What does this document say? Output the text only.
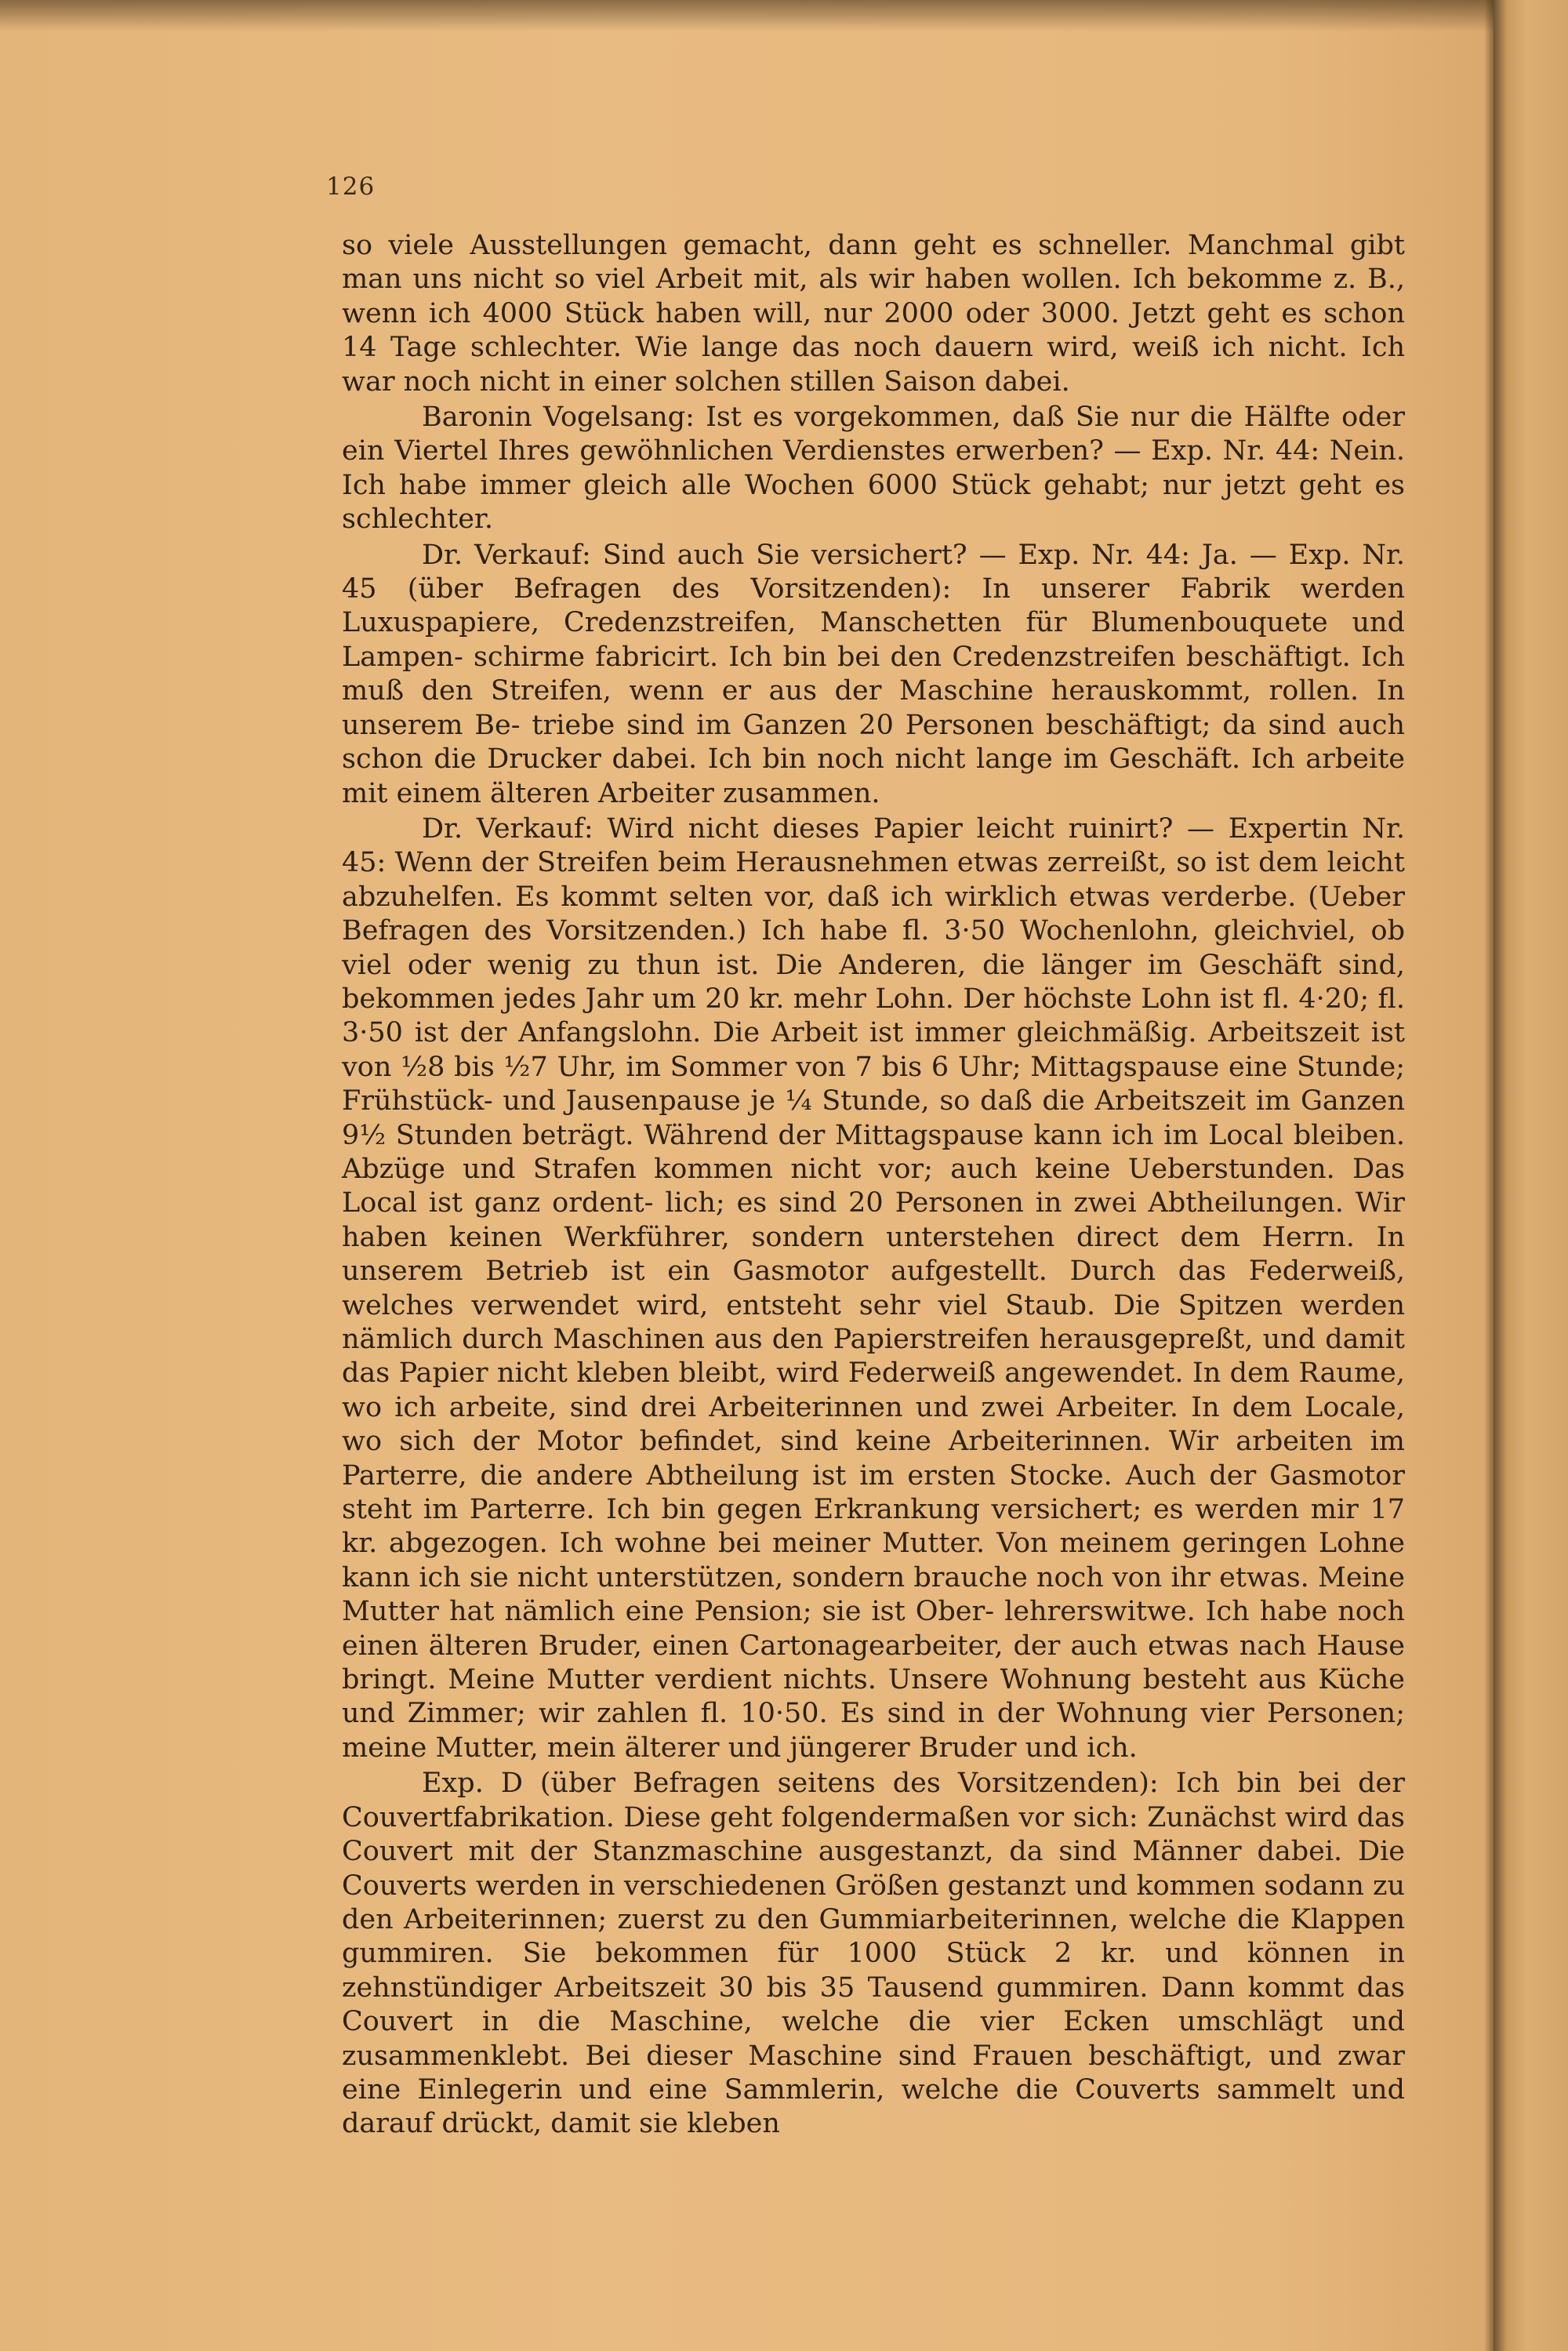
126

so viele Ausstellungen gemacht, dann geht es schneller. Manchmal gibt man uns nicht so viel Arbeit mit, als wir haben wollen. Ich bekomme z. B., wenn ich 4000 Stück haben will, nur 2000 oder 3000. Jetzt geht es schon 14 Tage schlechter. Wie lange das noch dauern wird, weiß ich nicht. Ich war noch nicht in einer solchen stillen Saison dabei.

Baronin Vogelsang: Ist es vorgekommen, daß Sie nur die Hälfte oder ein Viertel Ihres gewöhnlichen Verdienstes erwerben? — Exp. Nr. 44: Nein. Ich habe immer gleich alle Wochen 6000 Stück gehabt; nur jetzt geht es schlechter.

Dr. Verkauf: Sind auch Sie versichert? — Exp. Nr. 44: Ja. — Exp. Nr. 45 (über Befragen des Vorsitzenden): In unserer Fabrik werden Luxuspapiere, Credenzstreifen, Manschetten für Blumenbouquete und Lampen- schirme fabricirt. Ich bin bei den Credenzstreifen beschäftigt. Ich muß den Streifen, wenn er aus der Maschine herauskommt, rollen. In unserem Be- triebe sind im Ganzen 20 Personen beschäftigt; da sind auch schon die Drucker dabei. Ich bin noch nicht lange im Geschäft. Ich arbeite mit einem älteren Arbeiter zusammen.

Dr. Verkauf: Wird nicht dieses Papier leicht ruinirt? — Expertin Nr. 45: Wenn der Streifen beim Herausnehmen etwas zerreißt, so ist dem leicht abzuhelfen. Es kommt selten vor, daß ich wirklich etwas verderbe. (Ueber Befragen des Vorsitzenden.) Ich habe fl. 3·50 Wochenlohn, gleichviel, ob viel oder wenig zu thun ist. Die Anderen, die länger im Geschäft sind, bekommen jedes Jahr um 20 kr. mehr Lohn. Der höchste Lohn ist fl. 4·20; fl. 3·50 ist der Anfangslohn. Die Arbeit ist immer gleichmäßig. Arbeitszeit ist von ½8 bis ½7 Uhr, im Sommer von 7 bis 6 Uhr; Mittagspause eine Stunde; Frühstück- und Jausenpause je ¼ Stunde, so daß die Arbeitszeit im Ganzen 9½ Stunden beträgt. Während der Mittagspause kann ich im Local bleiben. Abzüge und Strafen kommen nicht vor; auch keine Ueberstunden. Das Local ist ganz ordent- lich; es sind 20 Personen in zwei Abtheilungen. Wir haben keinen Werkführer, sondern unterstehen direct dem Herrn. In unserem Betrieb ist ein Gasmotor aufgestellt. Durch das Federweiß, welches verwendet wird, entsteht sehr viel Staub. Die Spitzen werden nämlich durch Maschinen aus den Papierstreifen herausgepreßt, und damit das Papier nicht kleben bleibt, wird Federweiß angewendet. In dem Raume, wo ich arbeite, sind drei Arbeiterinnen und zwei Arbeiter. In dem Locale, wo sich der Motor befindet, sind keine Arbeiterinnen. Wir arbeiten im Parterre, die andere Abtheilung ist im ersten Stocke. Auch der Gasmotor steht im Parterre. Ich bin gegen Erkrankung versichert; es werden mir 17 kr. abgezogen. Ich wohne bei meiner Mutter. Von meinem geringen Lohne kann ich sie nicht unterstützen, sondern brauche noch von ihr etwas. Meine Mutter hat nämlich eine Pension; sie ist Ober- lehrerswitwe. Ich habe noch einen älteren Bruder, einen Cartonagearbeiter, der auch etwas nach Hause bringt. Meine Mutter verdient nichts. Unsere Wohnung besteht aus Küche und Zimmer; wir zahlen fl. 10·50. Es sind in der Wohnung vier Personen; meine Mutter, mein älterer und jüngerer Bruder und ich.

Exp. D (über Befragen seitens des Vorsitzenden): Ich bin bei der Couvertfabrikation. Diese geht folgendermaßen vor sich: Zunächst wird das Couvert mit der Stanzmaschine ausgestanzt, da sind Männer dabei. Die Couverts werden in verschiedenen Größen gestanzt und kommen sodann zu den Arbeiterinnen; zuerst zu den Gummiarbeiterinnen, welche die Klappen gummiren. Sie bekommen für 1000 Stück 2 kr. und können in zehnstündiger Arbeitszeit 30 bis 35 Tausend gummiren. Dann kommt das Couvert in die Maschine, welche die vier Ecken umschlägt und zusammenklebt. Bei dieser Maschine sind Frauen beschäftigt, und zwar eine Einlegerin und eine Sammlerin, welche die Couverts sammelt und darauf drückt, damit sie kleben
